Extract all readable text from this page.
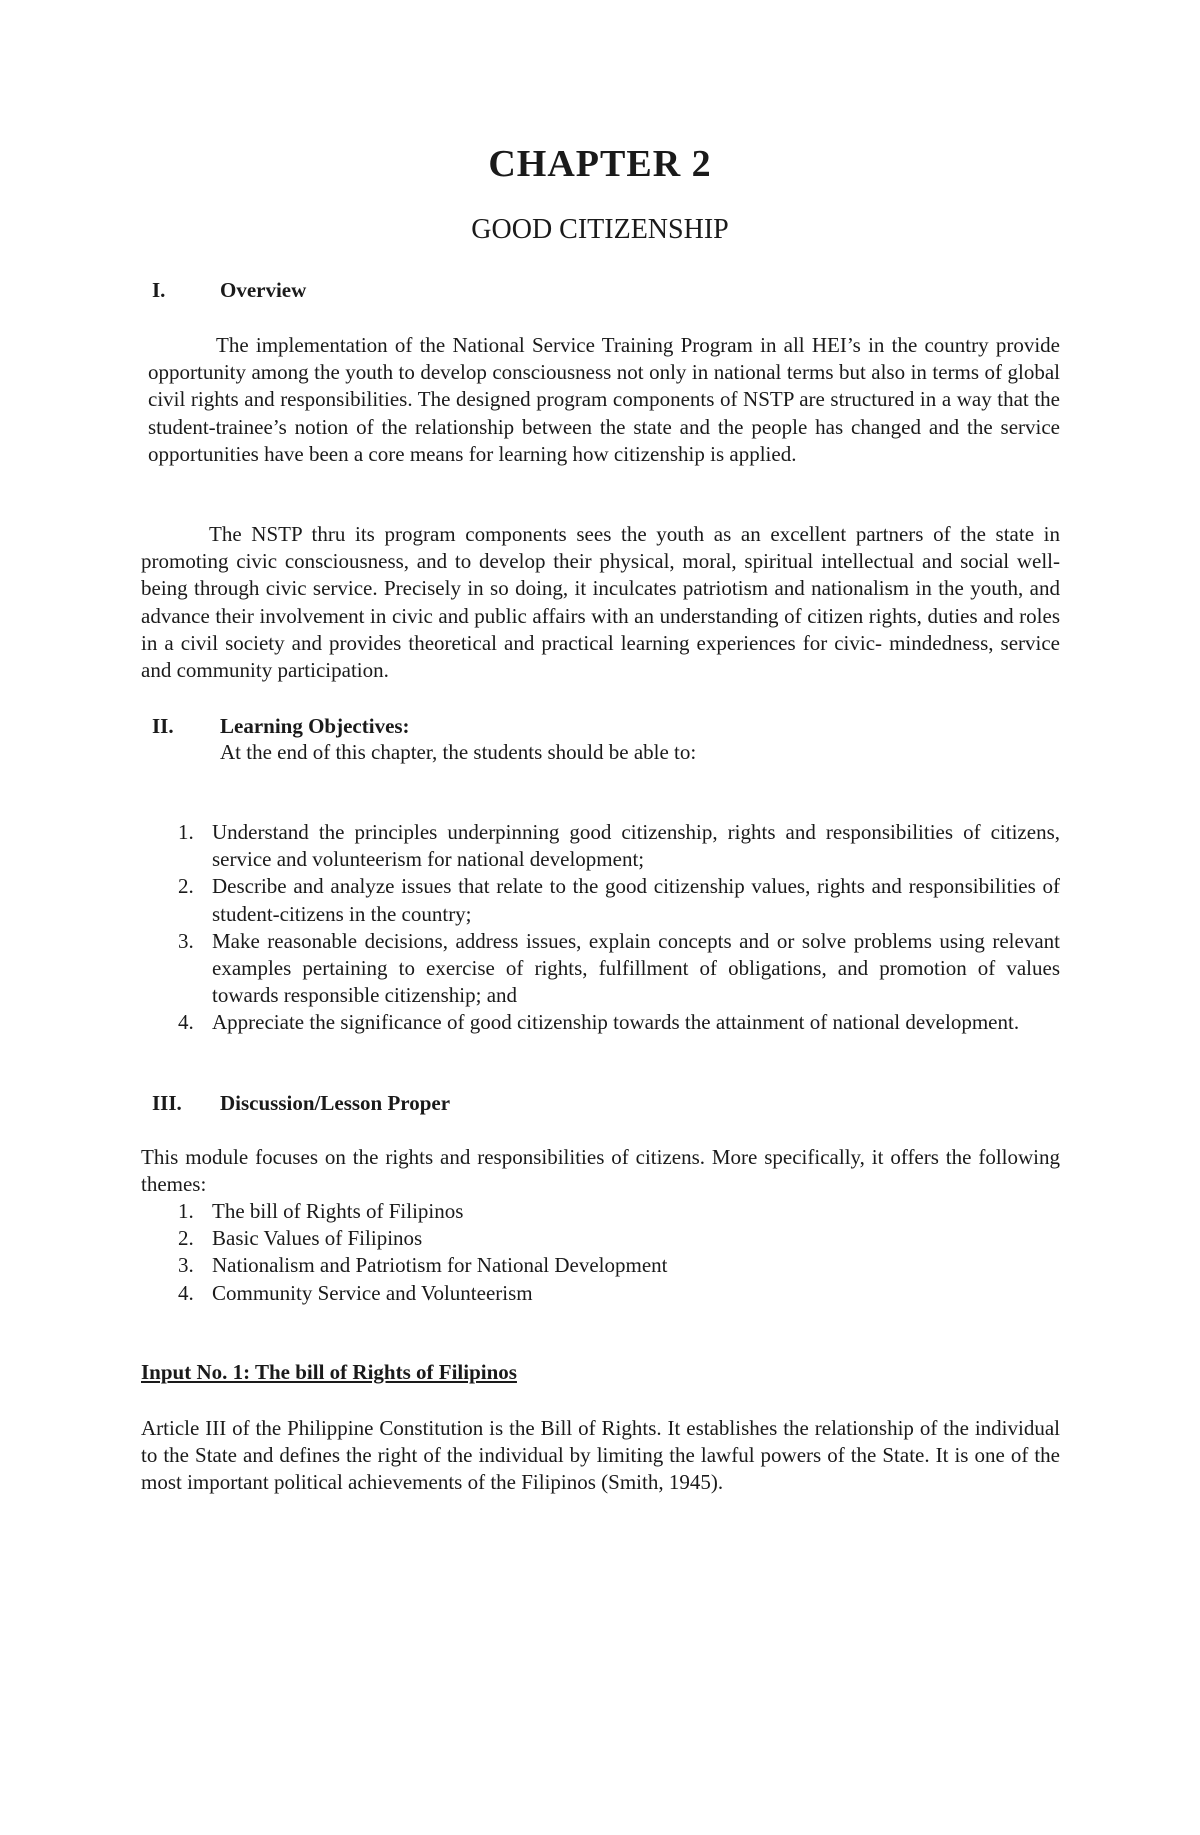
CHAPTER 2
GOOD CITIZENSHIP
I.	Overview

The implementation of the National Service Training Program in all HEI’s in the country provide opportunity among the youth to develop consciousness not only in national terms but also in terms of global civil rights and responsibilities. The designed program components of NSTP are structured in a way that the student-trainee’s notion of the relationship between the state and the people has changed and the service opportunities have been a core means for learning how citizenship is applied.

The NSTP thru its program components sees the youth as an excellent partners of the state in promoting civic consciousness, and to develop their physical, moral, spiritual intellectual and social well- being through civic service. Precisely in so doing, it inculcates patriotism and nationalism in the youth, and advance their involvement in civic and public affairs with an understanding of citizen rights, duties and roles in a civil society and provides theoretical and practical learning experiences for civic- mindedness, service and community participation.

II.	Learning Objectives:

At the end of this chapter, the students should be able to:

1. Understand the principles underpinning good citizenship, rights and responsibilities of citizens, service and volunteerism for national development;
2. Describe and analyze issues that relate to the good citizenship values, rights and responsibilities of student-citizens in the country;
3. Make reasonable decisions, address issues, explain concepts and or solve problems using relevant examples pertaining to exercise of rights, fulfillment of obligations, and promotion of values towards responsible citizenship; and
4. Appreciate the significance of good citizenship towards the attainment of national development.
III.	Discussion/Lesson Proper

This module focuses on the rights and responsibilities of citizens. More specifically, it offers the following themes:

1. The bill of Rights of Filipinos
2. Basic Values of Filipinos
3. Nationalism and Patriotism for National Development
4. Community Service and Volunteerism

Input No. 1: The bill of Rights of Filipinos

Article III of the Philippine Constitution is the Bill of Rights. It establishes the relationship of the individual to the State and defines the right of the individual by limiting the lawful powers of the State. It is one of the most important political achievements of the Filipinos (Smith, 1945).
